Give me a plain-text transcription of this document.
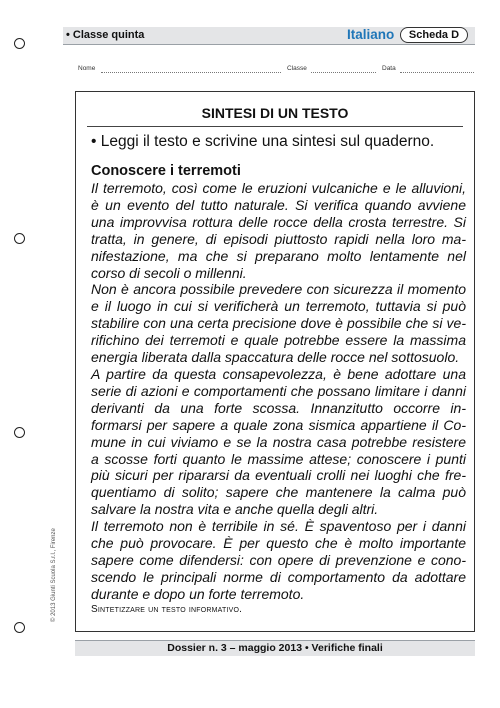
• Classe quinta	Italiano	Scheda D
Nome	Classe	Data
SINTESI DI UN TESTO
• Leggi il testo e scrivine una sintesi sul quaderno.
Conoscere i terremoti
Il terremoto, così come le eruzioni vulcaniche e le alluvioni,
è un evento del tutto naturale. Si verifica quando avviene
una improvvisa rottura delle rocce della crosta terrestre. Si
tratta, in genere, di episodi piuttosto rapidi nella loro ma-
nifestazione, ma che si preparano molto lentamente nel
corso di secoli o millenni.
Non è ancora possibile prevedere con sicurezza il momento
e il luogo in cui si verificherà un terremoto, tuttavia si può
stabilire con una certa precisione dove è possibile che si ve-
rifichino dei terremoti e quale potrebbe essere la massima
energia liberata dalla spaccatura delle rocce nel sottosuolo.
A partire da questa consapevolezza, è bene adottare una
serie di azioni e comportamenti che possano limitare i danni
derivanti da una forte scossa. Innanzitutto occorre in-
formarsi per sapere a quale zona sismica appartiene il Co-
mune in cui viviamo e se la nostra casa potrebbe resistere
a scosse forti quanto le massime attese; conoscere i punti
più sicuri per ripararsi da eventuali crolli nei luoghi che fre-
quentiamo di solito; sapere che mantenere la calma può
salvare la nostra vita e anche quella degli altri.
Il terremoto non è terribile in sé. È spaventoso per i danni
che può provocare. È per questo che è molto importante
sapere come difendersi: con opere di prevenzione e cono-
scendo le principali norme di comportamento da adottare
durante e dopo un forte terremoto.
Sintetizzare un testo informativo.
© 2013 Giunti Scuola S.r.l., Firenze
Dossier n. 3 – maggio 2013 • Verifiche finali
